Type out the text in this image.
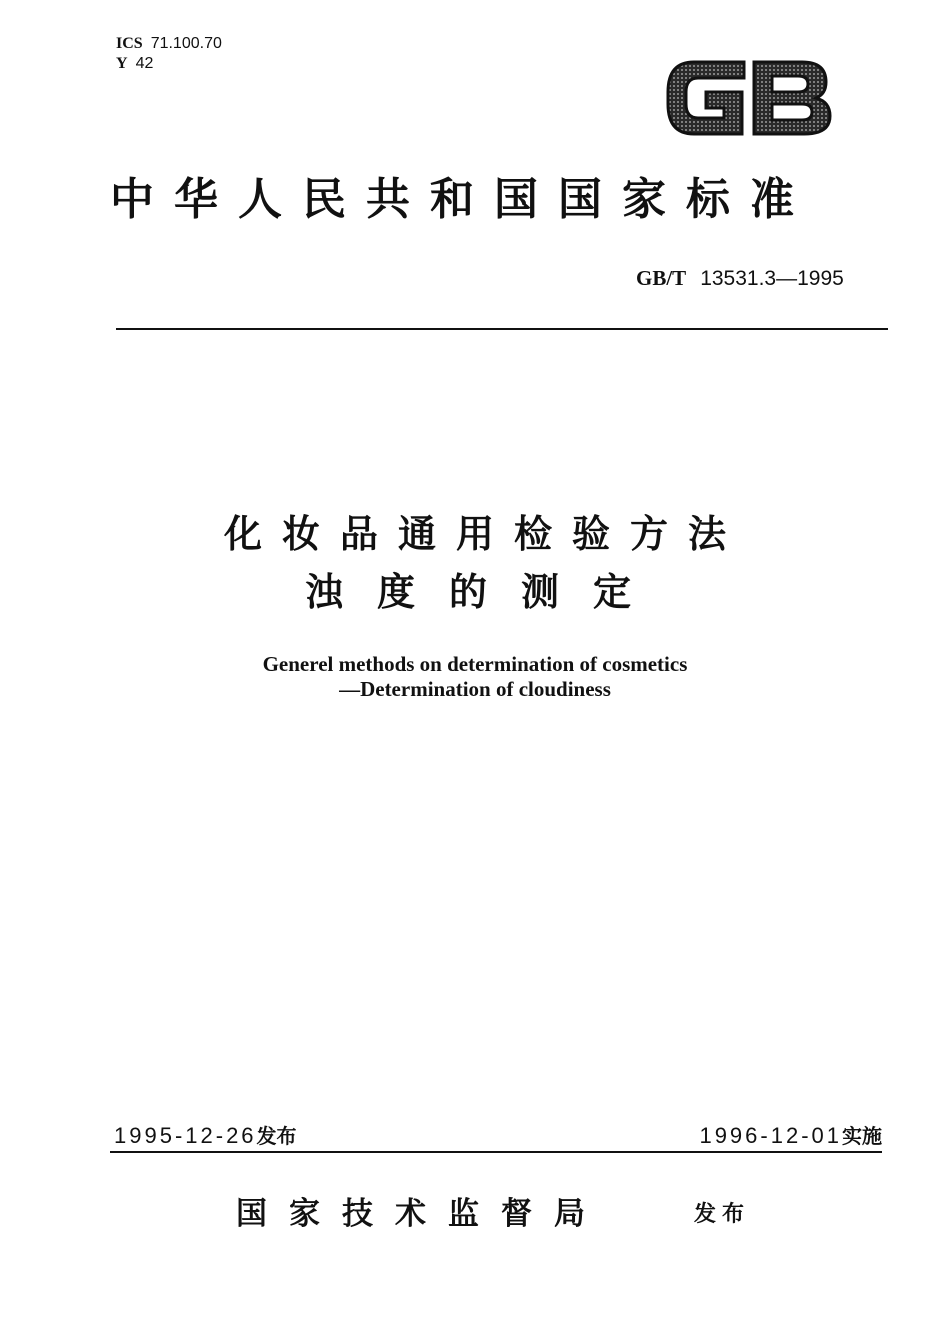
ICS 71.100.70
Y 42
中华人民共和国国家标准
GB/T 13531.3—1995
化妆品通用检验方法
浊度的测定
Generel methods on determination of cosmetics
—Determination of cloudiness
1995-12-26发布	1996-12-01实施
国家技术监督局	发布
